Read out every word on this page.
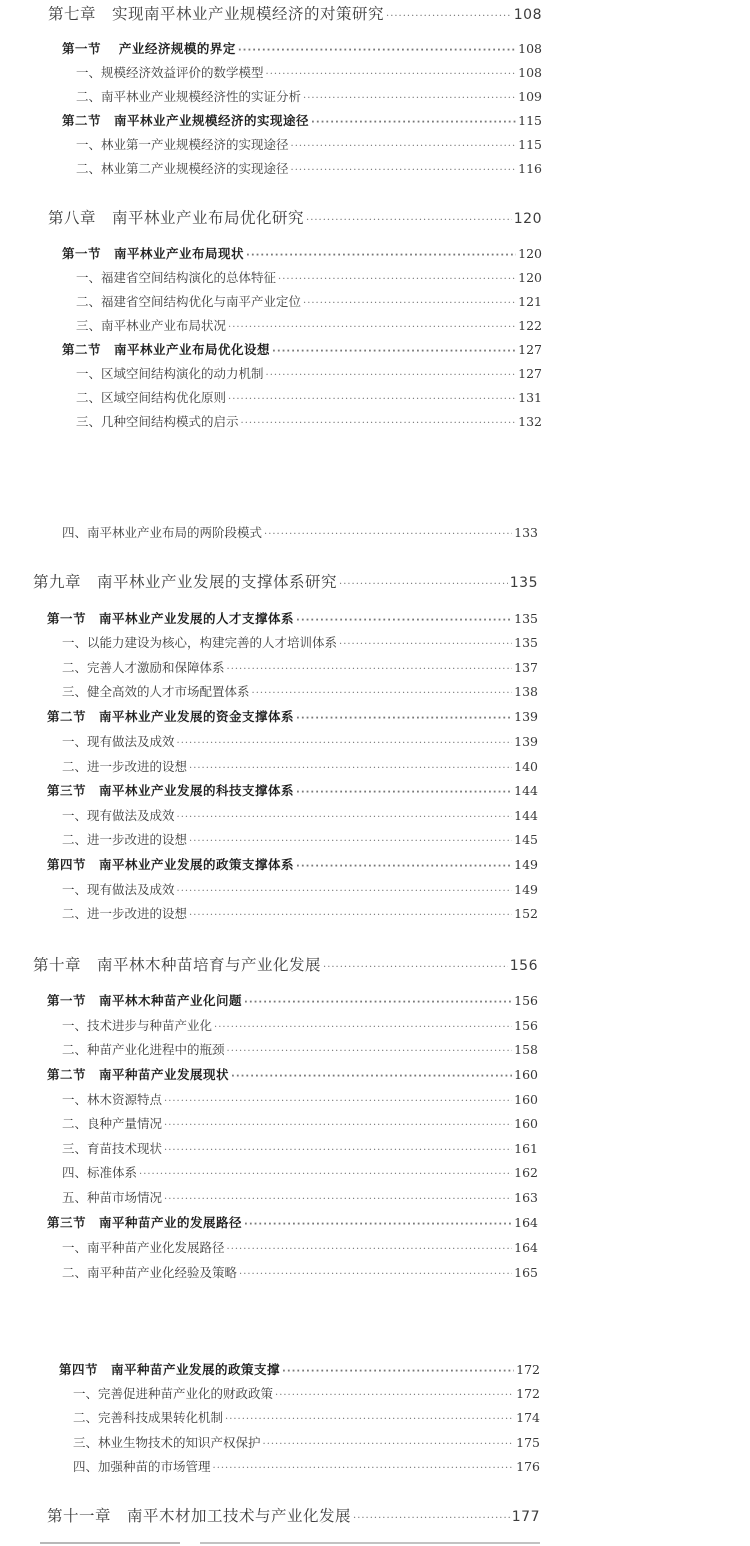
第七章　实现南平林业产业规模经济的对策研究 ·····	108
第一节　 产业经济规模的界定 ·····	108
一、规模经济效益评价的数学模型 ·····	108
二、南平林业产业规模经济性的实证分析 ·····	109
第二节　南平林业产业规模经济的实现途径 ·····	115
一、林业第一产业规模经济的实现途径 ·····	115
二、林业第二产业规模经济的实现途径 ·····	116
第八章　南平林业产业布局优化研究 ·····	120
第一节　南平林业产业布局现状 ·····	120
一、福建省空间结构演化的总体特征 ·····	120
二、福建省空间结构优化与南平产业定位 ·····	121
三、南平林业产业布局状况 ·····	122
第二节　南平林业产业布局优化设想 ·····	127
一、区域空间结构演化的动力机制 ·····	127
二、区域空间结构优化原则 ·····	131
三、几种空间结构模式的启示 ·····	132
四、南平林业产业布局的两阶段模式 ·····	133
第九章　南平林业产业发展的支撑体系研究 ·····	135
第一节　南平林业产业发展的人才支撑体系 ·····	135
一、以能力建设为核心，构建完善的人才培训体系 ·····	135
二、完善人才激励和保障体系 ·····	137
三、健全高效的人才市场配置体系 ·····	138
第二节　南平林业产业发展的资金支撑体系 ·····	139
一、现有做法及成效 ·····	139
二、进一步改进的设想 ·····	140
第三节　南平林业产业发展的科技支撑体系 ·····	144
一、现有做法及成效 ·····	144
二、进一步改进的设想 ·····	145
第四节　南平林业产业发展的政策支撑体系 ·····	149
一、现有做法及成效 ·····	149
二、进一步改进的设想 ·····	152
第十章　南平林木种苗培育与产业化发展 ·····	156
第一节　南平林木种苗产业化问题 ·····	156
一、技术进步与种苗产业化 ·····	156
二、种苗产业化进程中的瓶颈 ·····	158
第二节　南平种苗产业发展现状 ·····	160
一、林木资源特点 ·····	160
二、良种产量情况 ·····	160
三、育苗技术现状 ·····	161
四、标准体系 ·····	162
五、种苗市场情况 ·····	163
第三节　南平种苗产业的发展路径 ·····	164
一、南平种苗产业化发展路径 ·····	164
二、南平种苗产业化经验及策略 ·····	165
第四节　南平种苗产业发展的政策支撑 ·····	172
一、完善促进种苗产业化的财政政策 ·····	172
二、完善科技成果转化机制 ·····	174
三、林业生物技术的知识产权保护 ·····	175
四、加强种苗的市场管理 ·····	176
第十一章　南平木材加工技术与产业化发展 ·····	177
